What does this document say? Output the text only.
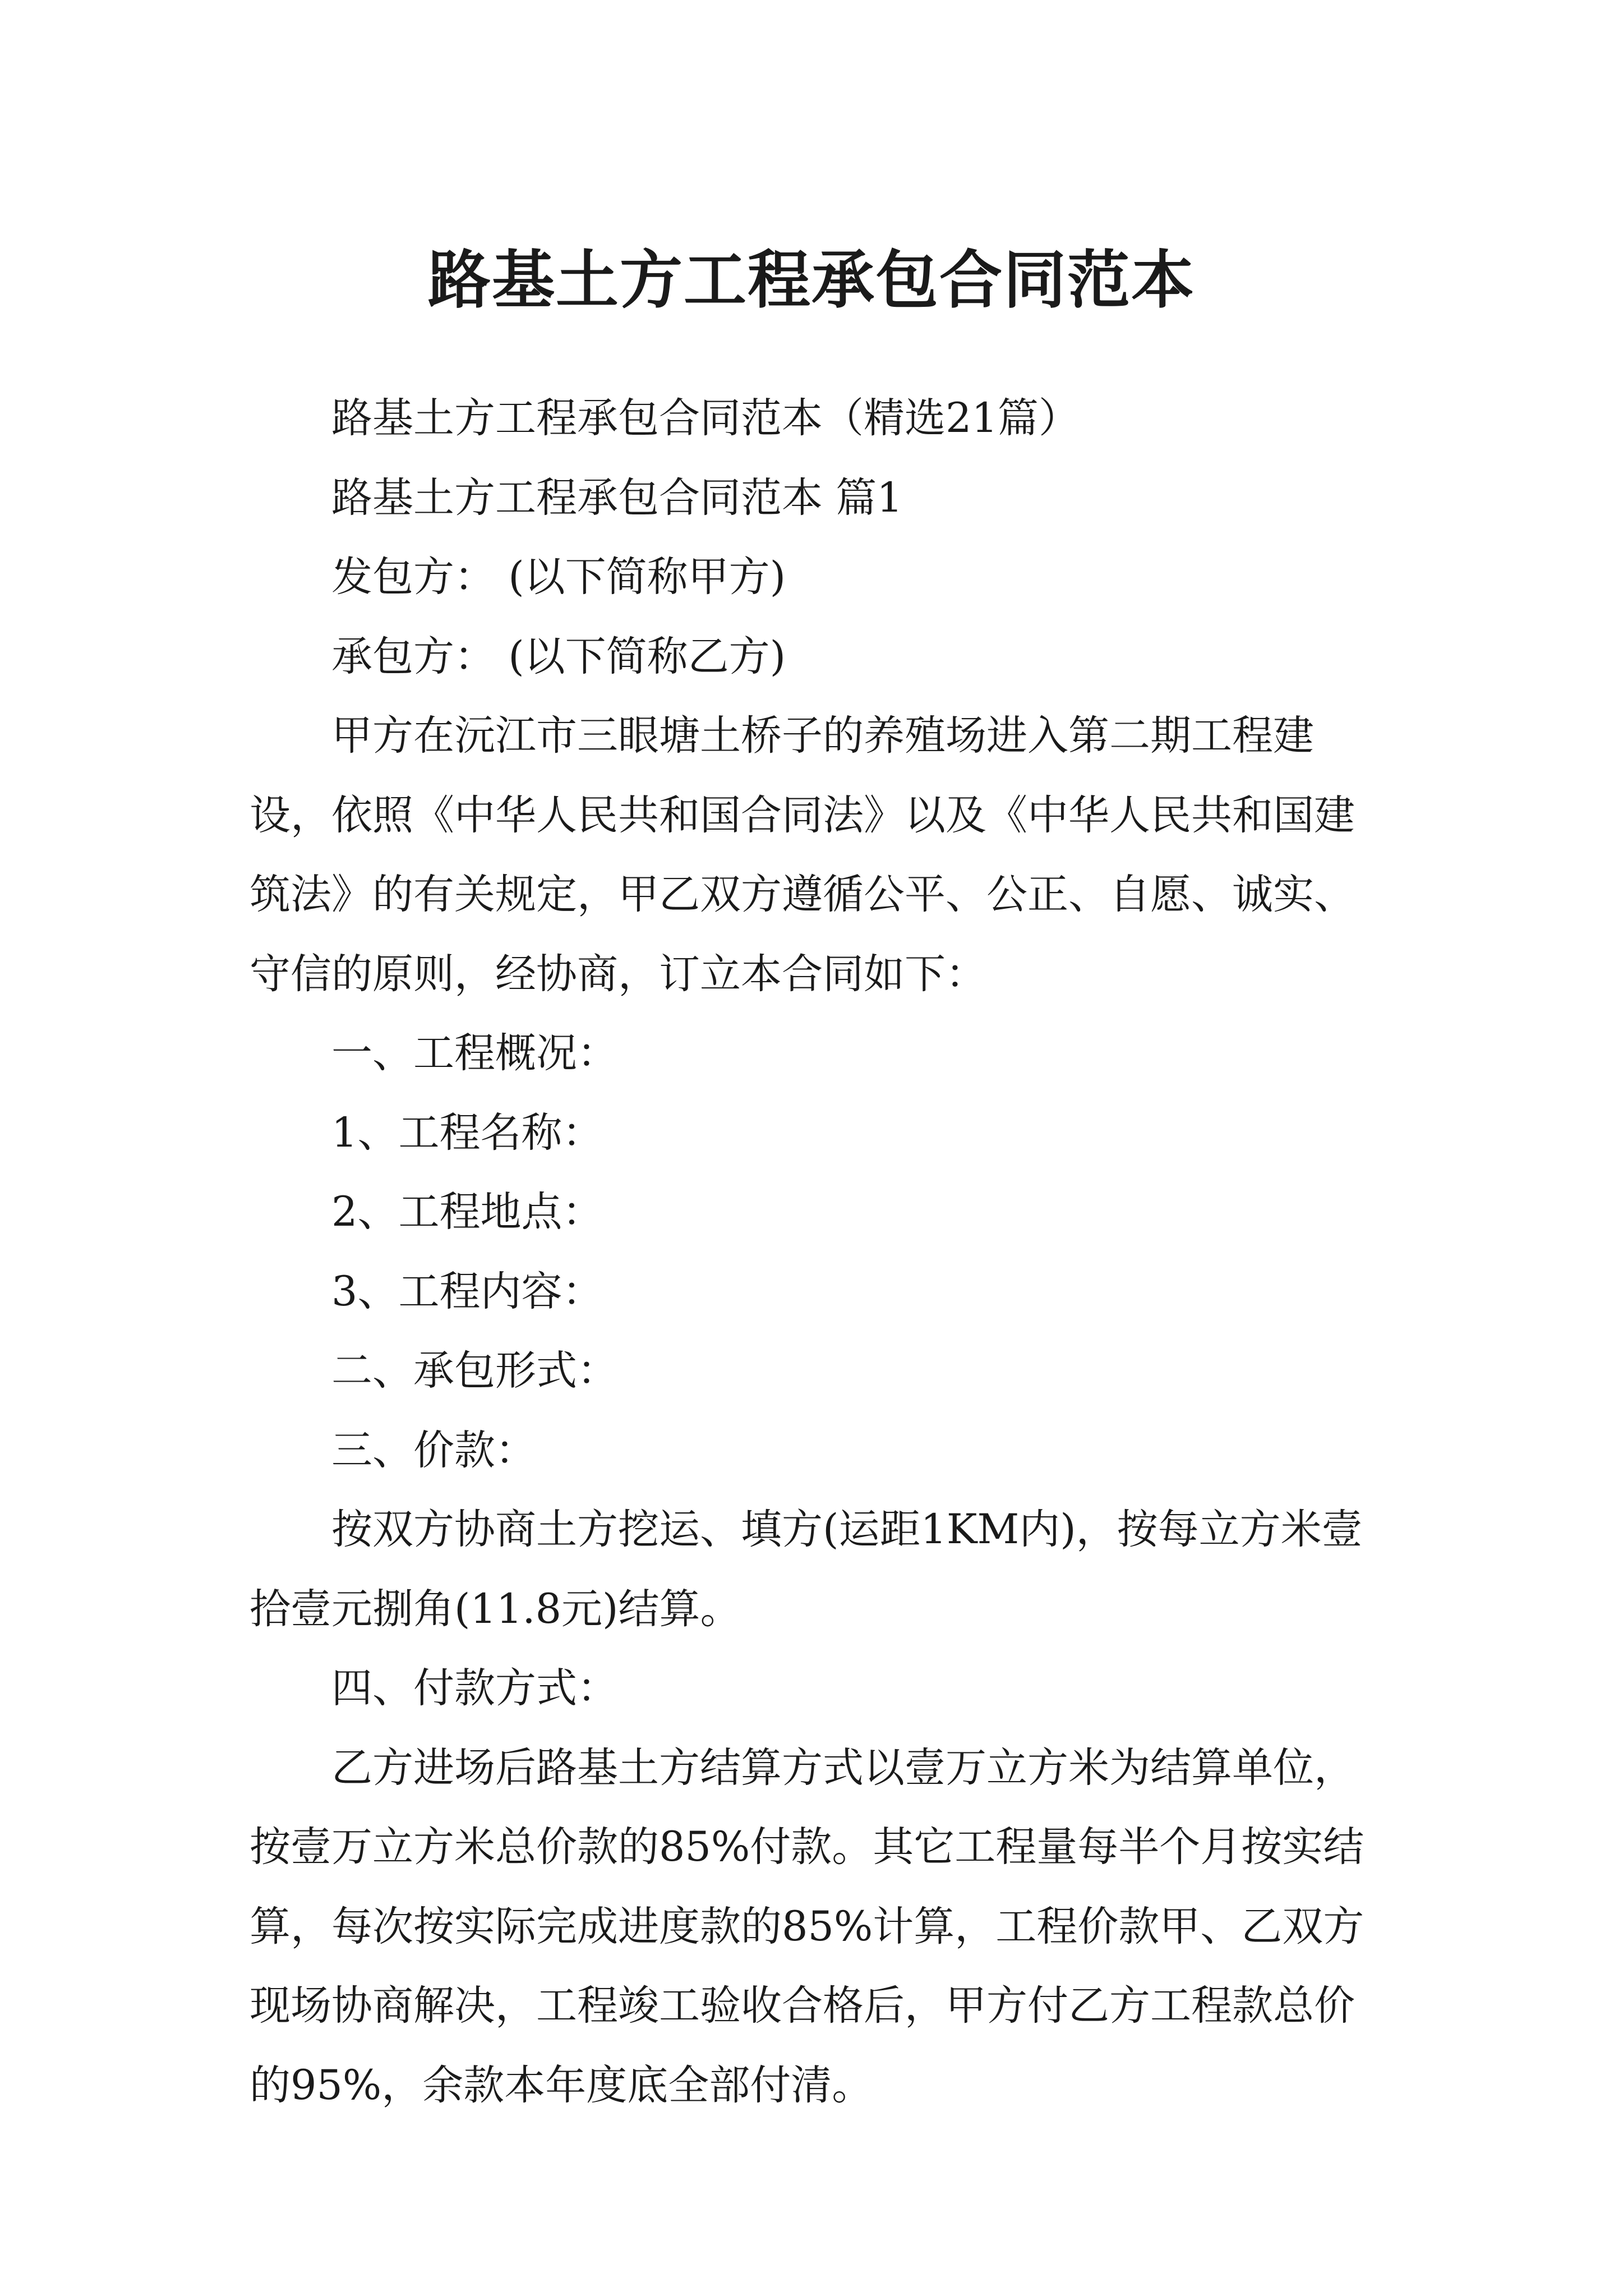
路基土方工程承包合同范本

路基土方工程承包合同范本（精选21篇）

路基土方工程承包合同范本 篇1

发包方： (以下简称甲方)

承包方： (以下简称乙方)

甲方在沅江市三眼塘土桥子的养殖场进入第二期工程建设，依照《中华人民共和国合同法》以及《中华人民共和国建筑法》的有关规定，甲乙双方遵循公平、公正、自愿、诚实、守信的原则，经协商，订立本合同如下：

一、工程概况：

1、工程名称：

2、工程地点：

3、工程内容：

二、承包形式：

三、价款：

按双方协商土方挖运、填方(运距1KM内)，按每立方米壹拾壹元捌角(11.8元)结算。

四、付款方式：

乙方进场后路基土方结算方式以壹万立方米为结算单位，按壹万立方米总价款的85%付款。其它工程量每半个月按实结算，每次按实际完成进度款的85%计算，工程价款甲、乙双方现场协商解决，工程竣工验收合格后，甲方付乙方工程款总价的95%，余款本年度底全部付清。
